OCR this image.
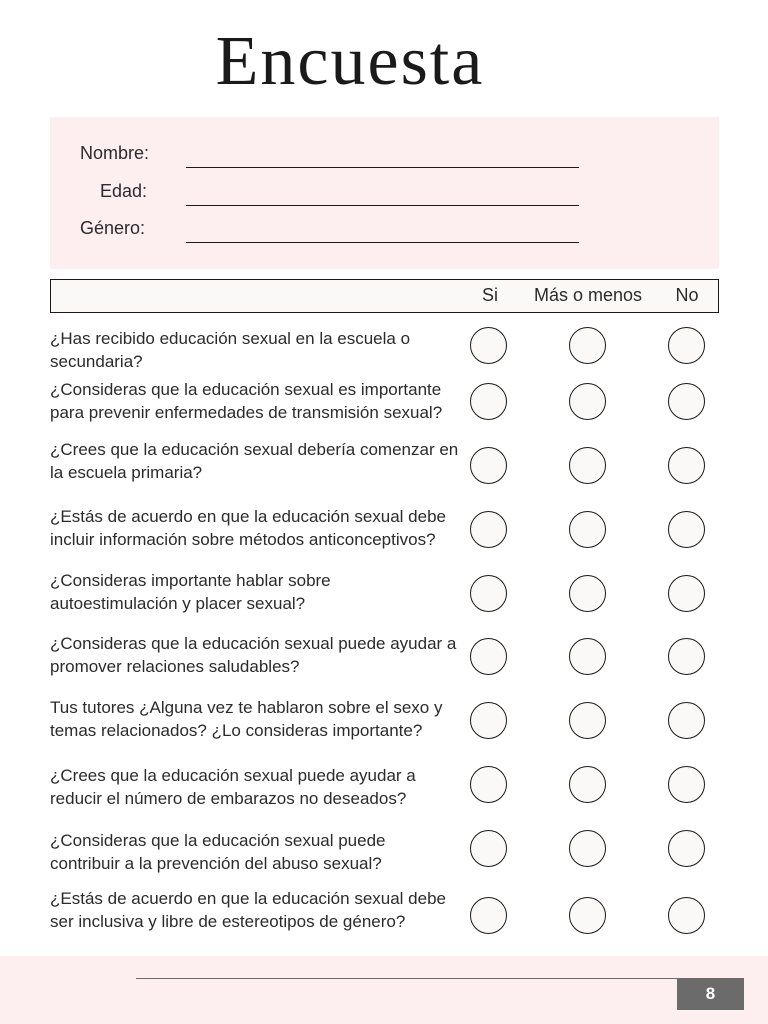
Encuesta
Nombre:
Edad:
Género:
Si	Más o menos	No
¿Has recibido educación sexual en la escuela o secundaria?
¿Consideras que la educación sexual es importante para prevenir enfermedades de transmisión sexual?
¿Crees que la educación sexual debería comenzar en la escuela primaria?
¿Estás de acuerdo en que la educación sexual debe incluir información sobre métodos anticonceptivos?
¿Consideras importante hablar sobre autoestimulación y placer sexual?
¿Consideras que la educación sexual puede ayudar a promover relaciones saludables?
Tus tutores ¿Alguna vez te hablaron sobre el sexo y temas relacionados? ¿Lo consideras importante?
¿Crees que la educación sexual puede ayudar a reducir el número de embarazos no deseados?
¿Consideras que la educación sexual puede contribuir a la prevención del abuso sexual?
¿Estás de acuerdo en que la educación sexual debe ser inclusiva y libre de estereotipos de género?
8
